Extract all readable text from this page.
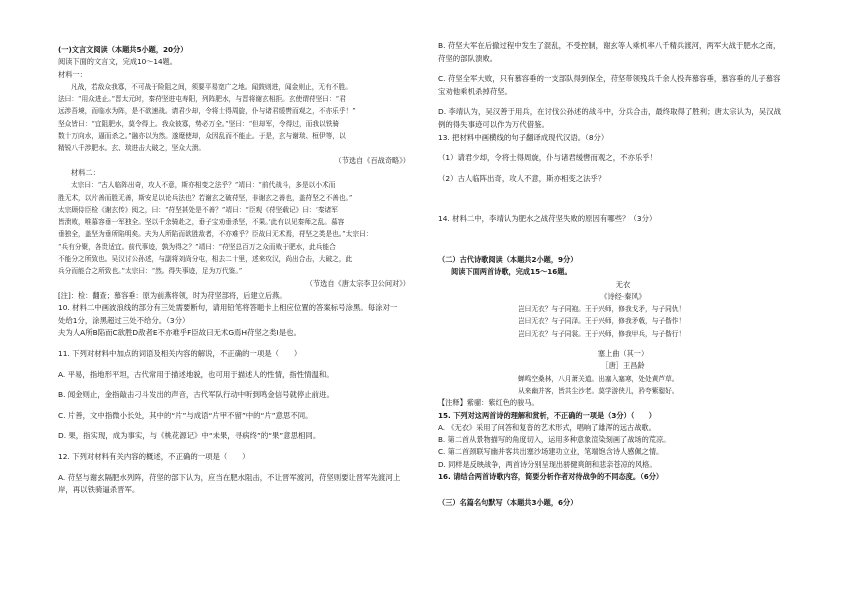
(一)文言文阅读（本题共5小题，20分）
阅读下面的文言文，完成10～14题。
材料一：
凡战，若敌众我寡，不可战于险阻之间，须要平易宽广之地。闻鼓则进，闻金则止，无有不胜。
法曰：“用众进止。”晋太元时，秦苻坚进屯寿阳，列阵肥水，与晋将谢玄相拒。玄使谓苻坚曰：“君
远涉吾境，而临水为阵，是不欲速战。请君少却，令将士得周旋，仆与诸君缓辔而观之，不亦乐乎！”
坚众皆曰：“宜阻肥水，莫令得上。我众彼寡，势必万全。”坚曰：“但却军，令得过，而我以铁骑
数十万向水，逼而杀之。”融亦以为然。遂麾使却，众因乱而不能止。于是，玄与谢琰、桓伊等，以
精锐八千涉肥水。玄、琰进击大破之，坚众大溃。
（节选自《百战奇略》）
材料二：
太宗曰：“古人临阵出奇，攻人不意，斯亦相变之法乎？”靖曰：“前代战斗，多是以小术而
胜无术，以片善而胜无善，斯安足以论兵法也？若谢玄之破苻坚，非谢玄之善也，盖苻坚之不善也。”
太宗顾侍臣检《谢玄传》阅之，曰：“苻坚甚处是不善？”靖曰：“臣观《苻坚载记》曰：‘秦诸军
皆溃败，唯慕容垂一军独全。坚以千余骑赴之，垂子宝劝垂杀坚，不果。’此有以见秦师之乱。慕容
垂独全，盖坚为垂所陷明矣。夫为人所陷而欲胜敌者，不亦难乎？臣故曰无术焉，苻坚之类是也。”太宗曰：
“兵有分聚，各贵适宜。前代事迹，孰为得之？”靖曰：“苻坚总百万之众而败于肥水，此兵能合
不能分之所致也。吴汉讨公孙述，与副将刘尚分屯，相去二十里，述来攻汉，尚出合击，大破之，此
兵分而能合之所致也。”太宗曰：“然。得失事迹，足为万代鉴。”
（节选自《唐太宗李卫公问对》）
[注]：检：翻查；慕容垂：原为前燕将领，时为苻坚部将，后建立后燕。
10. 材料二中画波浪线的部分有三处需要断句，请用铅笔将答题卡上相应位置的答案标号涂黑。每涂对一
处给1分，涂黑超过三处不给分。（3分）
夫为人A所B陷而C欲胜D敌者E不亦难乎F臣故曰无术G焉H苻坚之类I是也。
11. 下列对材料中加点的词语及相关内容的解说，不正确的一项是（　　）
A. 平易，指地形平坦，古代常用于描述地貌，也可用于描述人的性情，指性情温和。
B. 闻金则止，金指敲击刁斗发出的声音，古代军队行动中听到鸣金信号就停止前进。
C. 片善，文中指微小长处，其中的“片”与成语“片甲不留”中的“片”意思不同。
D. 果，指实现，成为事实，与《桃花源记》中“未果，寻病终”的“果”意思相同。
12. 下列对材料有关内容的概述，不正确的一项是（　　）
A. 苻坚与谢玄隔肥水列阵，苻坚的部下认为，应当在肥水阻击，不让晋军渡河，苻坚则要让晋军先渡河上
岸，再以铁骑逼杀晋军。
B. 苻坚大军在后撤过程中发生了混乱，不受控制，谢玄等人乘机率八千精兵渡河，两军大战于肥水之南，
苻坚的部队溃败。
C. 苻坚全军大败，只有慕容垂的一支部队得到保全，苻坚带领残兵千余人投奔慕容垂，慕容垂的儿子慕容
宝劝他乘机杀掉苻坚。
D. 李靖认为，吴汉善于用兵，在讨伐公孙述的战斗中，分兵合击，最终取得了胜利；唐太宗认为，吴汉战
例的得失事迹可以作为万代借鉴。
13. 把材料中画横线的句子翻译成现代汉语。（8分）
（1）请君少却，令将士得周旋，仆与诸君缓辔而观之，不亦乐乎！
（2）古人临阵出奇，攻人不意，斯亦相变之法乎？
14. 材料二中，李靖认为肥水之战苻坚失败的原因有哪些？（3分）
（二）古代诗歌阅读（本题共2小题，9分）
阅读下面两首诗歌，完成15～16题。
无衣
《诗经·秦风》
岂曰无衣？与子同袍。王于兴师，修我戈矛，与子同仇！
岂曰无衣？与子同泽。王于兴师，修我矛戟，与子偕作！
岂曰无衣？与子同裳。王于兴师，修我甲兵，与子偕行！
塞上曲（其一）
［唐］王昌龄
蝉鸣空桑林，八月萧关道。出塞入塞寒，处处黄芦草。
从来幽并客，皆共尘沙老。莫学游侠儿，矜夸紫骝好。
【注释】紫骝：紫红色的骏马。
15. 下列对这两首诗的理解和赏析，不正确的一项是（3分）（　　）
A. 《无衣》采用了问答和复沓的艺术形式，唱响了雄浑的远古战歌。
B. 第二首从景物描写的角度切入，运用多种意象渲染刻画了战场的荒凉。
C. 第二首颈联写幽并客共出塞沙场建功立业，笔端饱含诗人感佩之情。
D. 同样是反映战争，两首诗分别呈现出骄健爽朗和悲亲苍凉的风格。
16. 请结合两首诗歌内容，简要分析作者对待战争的不同态度。（6分）
（三）名篇名句默写（本题共3小题，6分）
